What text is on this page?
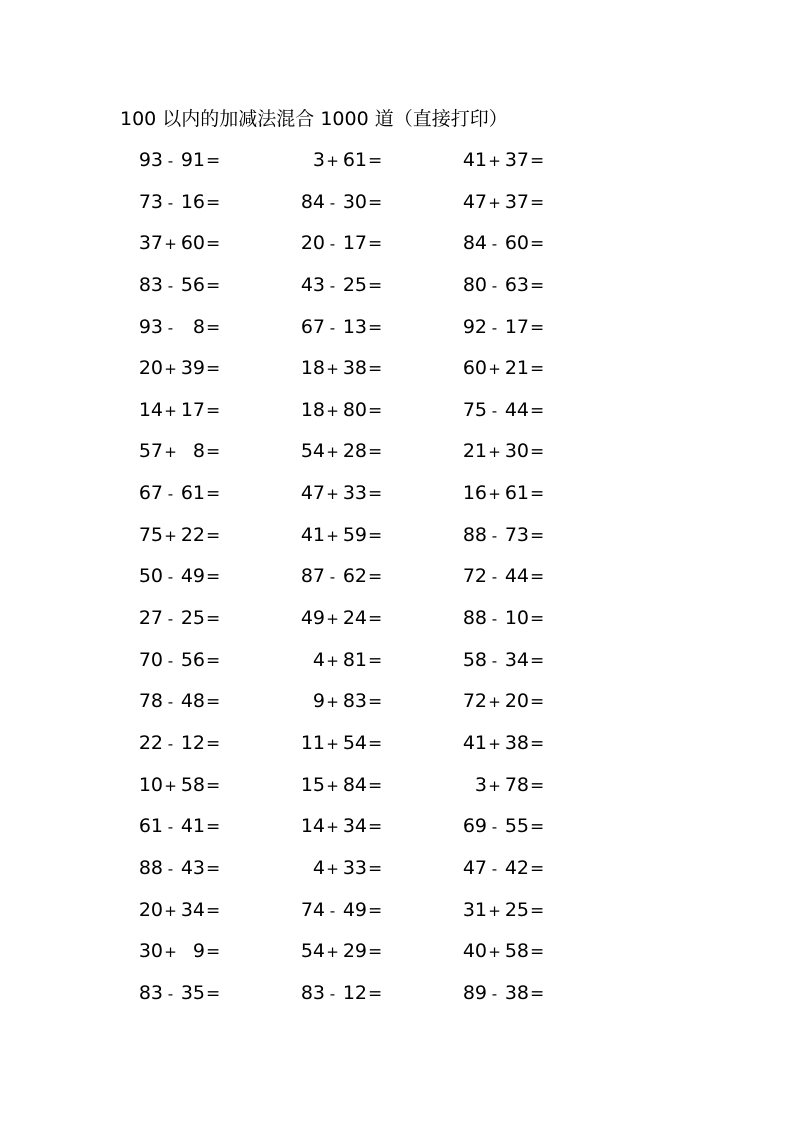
100 以内的加减法混合 1000 道（直接打印）
93 - 91=	3+ 61=	41+ 37=
73 - 16=	84 - 30=	47+ 37=
37+ 60=	20 - 17=	84 - 60=
83 - 56=	43 - 25=	80 - 63=
93 - 8=	67 - 13=	92 - 17=
20+ 39=	18+ 38=	60+ 21=
14+ 17=	18+ 80=	75 - 44=
57+ 8=	54+ 28=	21+ 30=
67 - 61=	47+ 33=	16+ 61=
75+ 22=	41+ 59=	88 - 73=
50 - 49=	87 - 62=	72 - 44=
27 - 25=	49+ 24=	88 - 10=
70 - 56=	4+ 81=	58 - 34=
78 - 48=	9+ 83=	72+ 20=
22 - 12=	11+ 54=	41+ 38=
10+ 58=	15+ 84=	3+ 78=
61 - 41=	14+ 34=	69 - 55=
88 - 43=	4+ 33=	47 - 42=
20+ 34=	74 - 49=	31+ 25=
30+ 9=	54+ 29=	40+ 58=
83 - 35=	83 - 12=	89 - 38=
